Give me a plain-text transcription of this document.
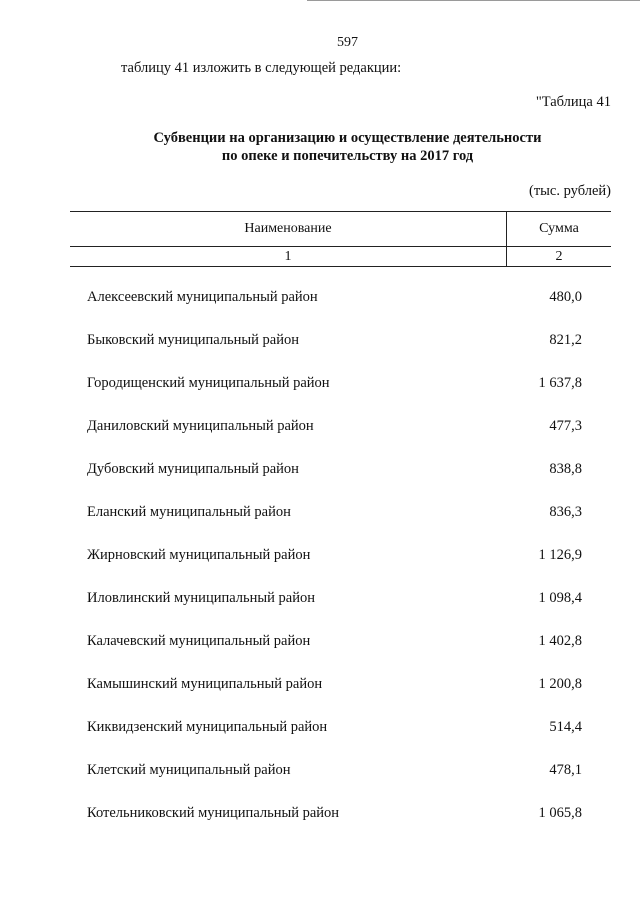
597
таблицу 41 изложить в следующей редакции:
"Таблица 41
Субвенции на организацию и осуществление деятельности
по опеке и попечительству на 2017 год
(тыс. рублей)
Наименование	Сумма
1	2
Алексеевский муниципальный район	480,0
Быковский муниципальный район	821,2
Городищенский муниципальный район	1 637,8
Даниловский муниципальный район	477,3
Дубовский муниципальный район	838,8
Еланский муниципальный район	836,3
Жирновский муниципальный район	1 126,9
Иловлинский муниципальный район	1 098,4
Калачевский муниципальный район	1 402,8
Камышинский муниципальный район	1 200,8
Киквидзенский муниципальный район	514,4
Клетский муниципальный район	478,1
Котельниковский муниципальный район	1 065,8
